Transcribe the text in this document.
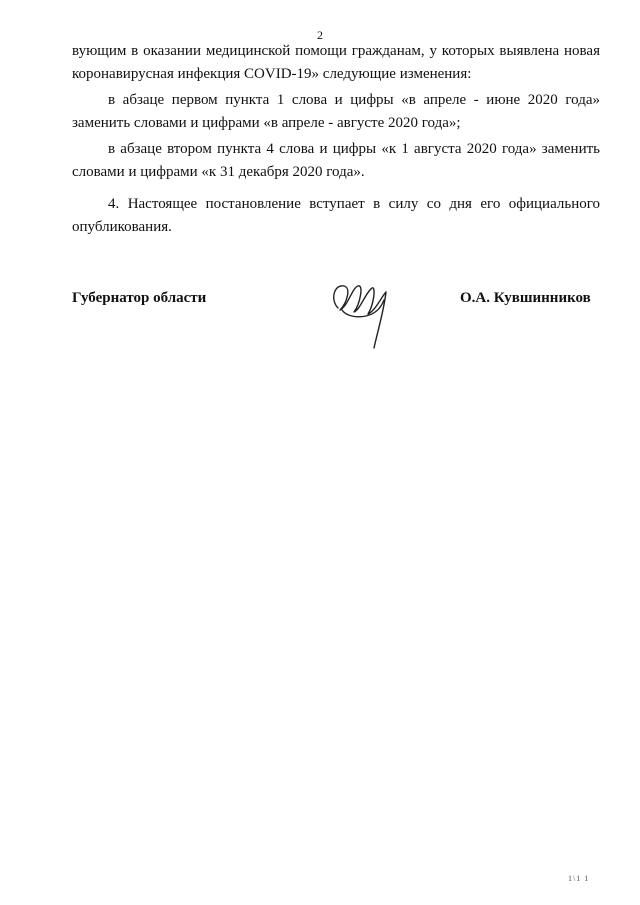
2

вующим в оказании медицинской помощи гражданам, у которых выявлена новая коронавирусная инфекция COVID-19» следующие изменения:

в абзаце первом пункта 1 слова и цифры «в апреле - июне 2020 года» заменить словами и цифрами «в апреле - августе 2020 года»;

в абзаце втором пункта 4 слова и цифры «к 1 августа 2020 года» заменить словами и цифрами «к 31 декабря 2020 года».

4. Настоящее постановление вступает в силу со дня его официального опубликования.

Губернатор области	О.А. Кувшинников
1\1 1
